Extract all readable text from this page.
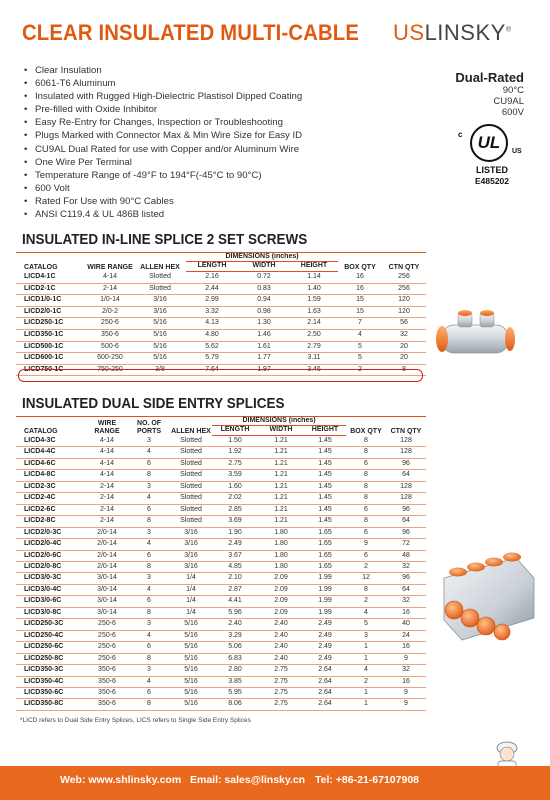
CLEAR INSULATED MULTI-CABLE USLINSKY®
• Clear Insulation
• 6061-T6 Aluminum
• Insulated with Rugged High-Dielectric Plastisol Dipped Coating
• Pre-filled with Oxide Inhibitor
• Easy Re-Entry for Changes, Inspection or Troubleshooting
• Plugs Marked with Connector Max & Min Wire Size for Easy ID
• CU9AL Dual Rated for use with Copper and/or Aluminum Wire
• One Wire Per Terminal
• Temperature Range of -49°F to 194°F(-45°C to 90°C)
• 600 Volt
• Rated For Use with 90°C Cables
• ANSI C119.4 & UL 486B listed
Dual-Rated
90°C
CU9AL
600V
c UL	US
LISTED
E485202
INSULATED IN-LINE SPLICE 2 SET SCREWS
CATALOG	WIRE RANGE	ALLEN HEX	DIMENSIONS (inches)			BOX QTY	CTN QTY
			LENGTH	WIDTH	HEIGHT		
LICD4-1C	4-14	Slotted	2.16	0.72	1.14	16	256
LICD2-1C	2-14	Slotted	2.44	0.83	1.40	16	256
LICD1/0-1C	1/0-14	3/16	2.99	0.94	1.59	15	120
LICD2/0-1C	2/0-2	3/16	3.32	0.98	1.63	15	120
LICD250-1C	250-6	5/16	4.13	1.30	2.14	7	56
LICD350-1C	350-6	5/16	4.80	1.46	2.50	4	32
LICD500-1C	500-6	5/16	5.62	1.61	2.79	5	20
LICD600-1C	600-250	5/16	5.79	1.77	3.11	5	20
LICD750-1C	750-250	3/8	7.64	1.97	3.46	2	8
INSULATED DUAL SIDE ENTRY SPLICES
CATALOG	WIRE RANGE	NO. OF PORTS	ALLEN HEX	DIMENSIONS (inches)			BOX QTY	CTN QTY
				LENGTH	WIDTH	HEIGHT		
LICD4-3C	4-14	3	Slotted	1.50	1.21	1.45	8	128
LICD4-4C	4-14	4	Slotted	1.92	1.21	1.45	8	128
LICD4-6C	4-14	6	Slotted	2.75	1.21	1.45	6	96
LICD4-8C	4-14	8	Slotted	3.59	1.21	1.45	8	64
LICD2-3C	2-14	3	Slotted	1.60	1.21	1.45	8	128
LICD2-4C	2-14	4	Slotted	2.02	1.21	1.45	8	128
LICD2-6C	2-14	6	Slotted	2.85	1.21	1.45	6	96
LICD2-8C	2-14	8	Slotted	3.69	1.21	1.45	8	64
LICD2/0-3C	2/0-14	3	3/16	1.90	1.80	1.65	6	96
LICD2/0-4C	2/0-14	4	3/16	2.49	1.80	1.65	9	72
LICD2/0-6C	2/0-14	6	3/16	3.67	1.80	1.65	6	48
LICD2/0-8C	2/0-14	8	3/16	4.85	1.80	1.65	2	32
LICD3/0-3C	3/0-14	3	1/4	2.10	2.09	1.99	12	96
LICD3/0-4C	3/0-14	4	1/4	2.87	2.09	1.99	8	64
LICD3/0-6C	3/0-14	6	1/4	4.41	2.09	1.99	2	32
LICD3/0-8C	3/0-14	8	1/4	5.96	2.09	1.99	4	16
LICD250-3C	250-6	3	5/16	2.40	2.40	2.49	5	40
LICD250-4C	250-6	4	5/16	3.29	2.40	2.49	3	24
LICD250-6C	250-6	6	5/16	5.06	2.40	2.49	1	16
LICD250-8C	250-6	8	5/16	6.83	2.40	2.49	1	9
LICD350-3C	350-6	3	5/16	2.80	2.75	2.64	4	32
LICD350-4C	350-6	4	5/16	3.85	2.75	2.64	2	16
LICD350-6C	350-6	6	5/16	5.95	2.75	2.64	1	9
LICD350-8C	350-6	8	5/16	8.06	2.75	2.64	1	9
*LICD refers to Dual Side Entry Splices, LICS refers to Single Side Entry Splices
Web: www.shlinsky.com Email: sales@linsky.cn Tel: +86-21-67107908
